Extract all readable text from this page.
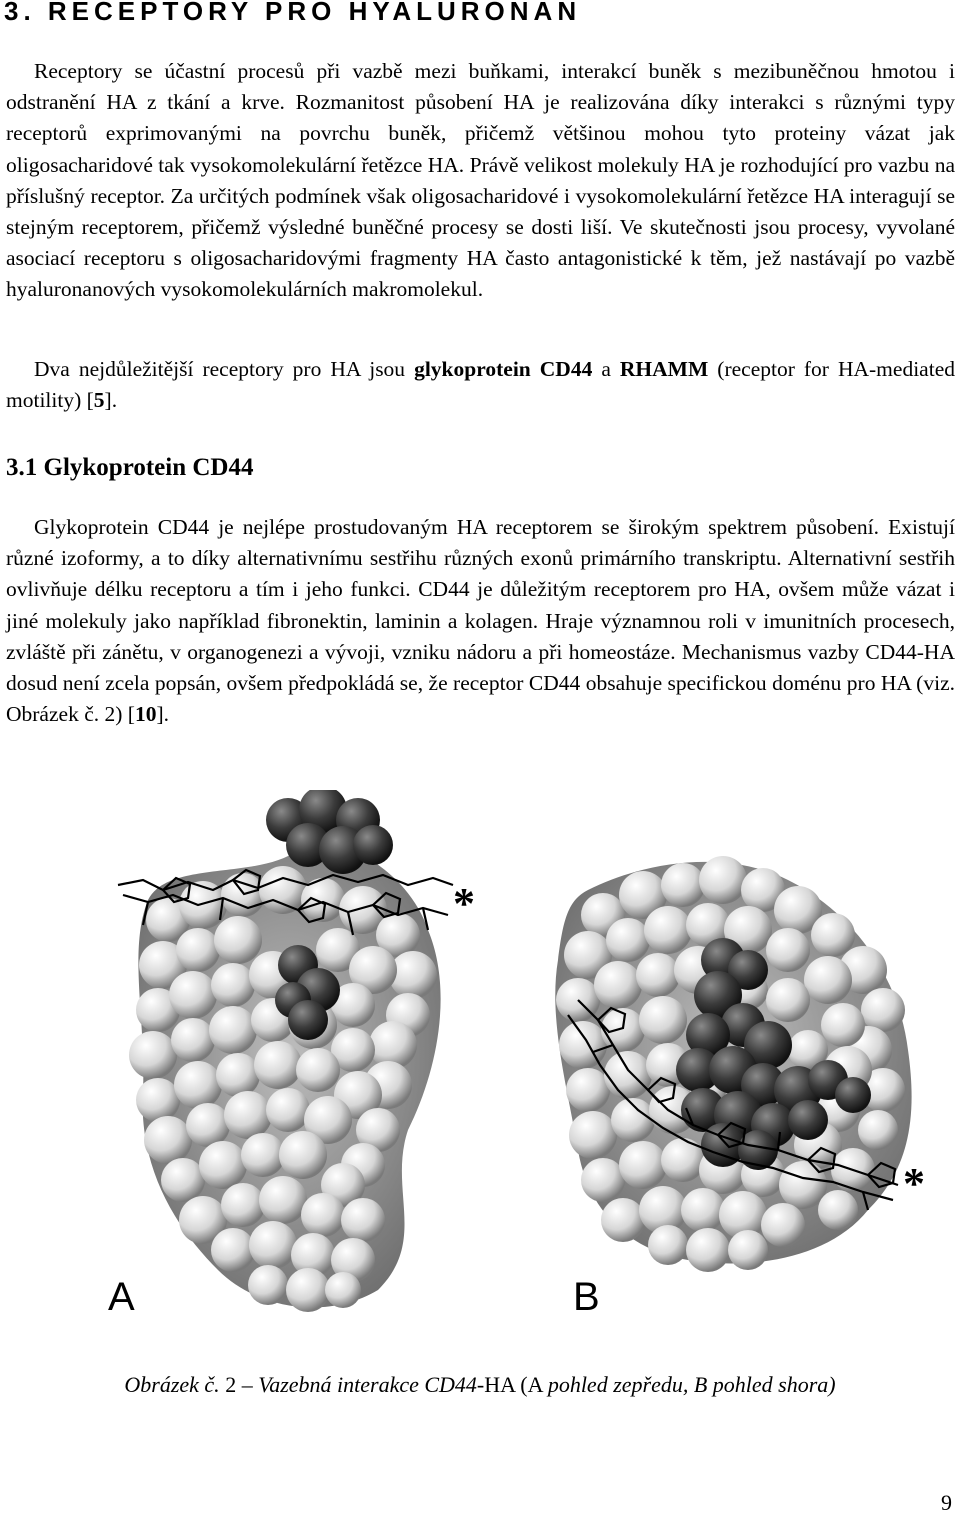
3. RECEPTORY PRO HYALURONAN

Receptory se účastní procesů při vazbě mezi buňkami, interakcí buněk s mezibuněčnou hmotou i odstranění HA z tkání a krve. Rozmanitost působení HA je realizována díky interakci s různými typy receptorů exprimovanými na povrchu buněk, přičemž většinou mohou tyto proteiny vázat jak oligosacharidové tak vysokomolekulární řetězce HA. Právě velikost molekuly HA je rozhodující pro vazbu na příslušný receptor. Za určitých podmínek však oligosacharidové i vysokomolekulární řetězce HA interagují se stejným receptorem, přičemž výsledné buněčné procesy se dosti liší. Ve skutečnosti jsou procesy, vyvolané asociací receptoru s oligosacharidovými fragmenty HA často antagonistické k těm, jež nastávají po vazbě hyaluronanových vysokomolekulárních makromolekul.

Dva nejdůležitější receptory pro HA jsou glykoprotein CD44 a RHAMM (receptor for HA-mediated motility) [5].

3.1 Glykoprotein CD44

Glykoprotein CD44 je nejlépe prostudovaným HA receptorem se širokým spektrem působení. Existují různé izoformy, a to díky alternativnímu sestřihu různých exonů primárního transkriptu. Alternativní sestřih ovlivňuje délku receptoru a tím i jeho funkci. CD44 je důležitým receptorem pro HA, ovšem může vázat i jiné molekuly jako například fibronektin, laminin a kolagen. Hraje významnou roli v imunitních procesech, zvláště při zánětu, v organogenezi a vývoji, vzniku nádoru a při homeostáze. Mechanismus vazby CD44-HA dosud není zcela popsán, ovšem předpokládá se, že receptor CD44 obsahuje specifickou doménu pro HA (viz. Obrázek č. 2) [10].

*
A
*
B

Obrázek č. 2 – Vazebná interakce CD44-HA (A pohled zepředu, B pohled shora)

9
